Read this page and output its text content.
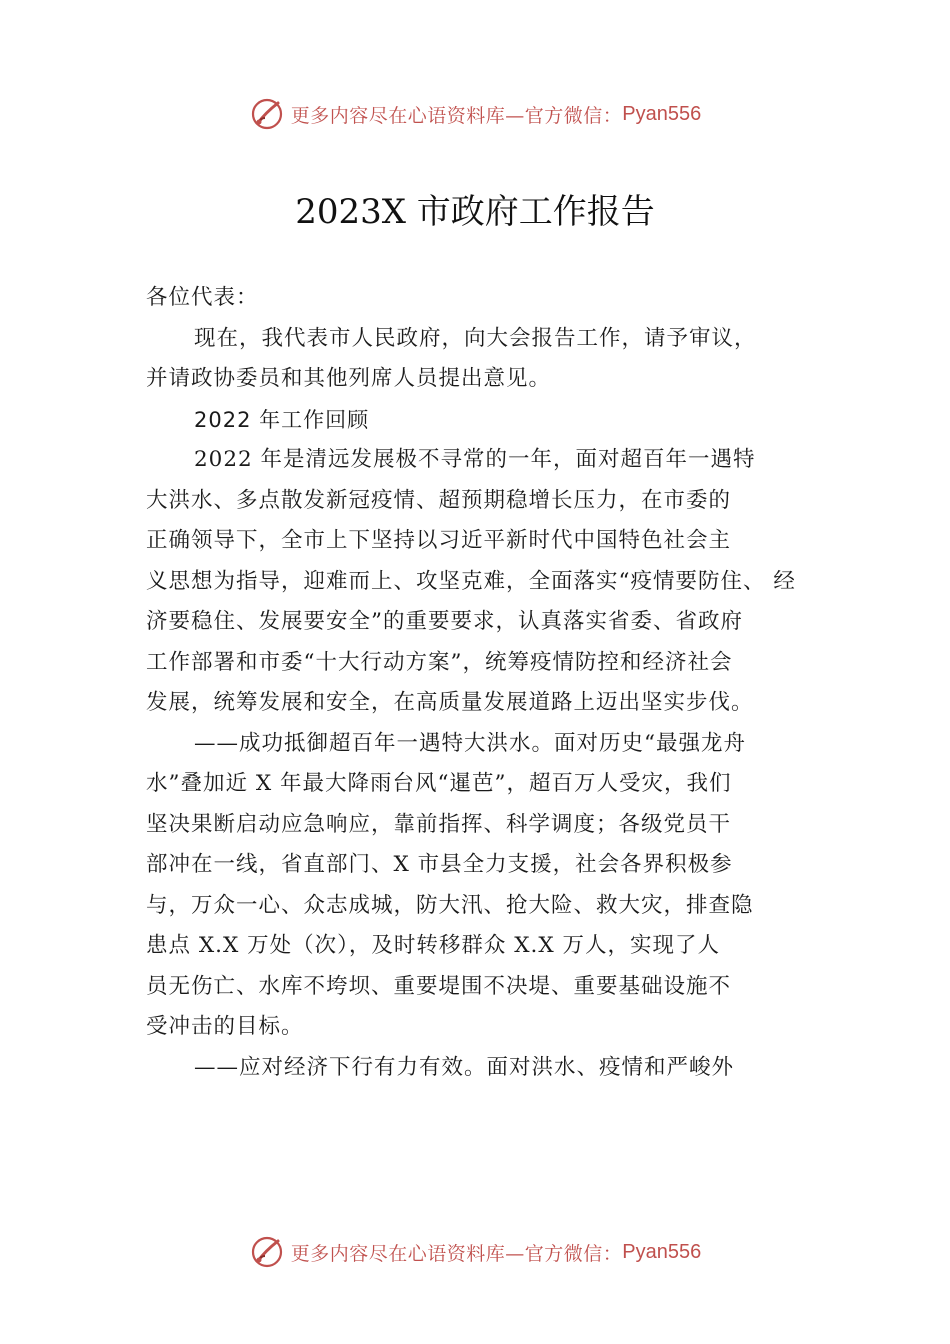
更多内容尽在心语资料库—官方微信： Pyan556
2023X 市政府工作报告
各位代表：
现在，我代表市人民政府，向大会报告工作，请予审议，
并请政协委员和其他列席人员提出意见。
2022 年工作回顾
2022 年是清远发展极不寻常的一年，面对超百年一遇特
大洪水、多点散发新冠疫情、超预期稳增长压力，在市委的
正确领导下，全市上下坚持以习近平新时代中国特色社会主
义思想为指导，迎难而上、攻坚克难，全面落实“疫情要防住、 经
济要稳住、发展要安全”的重要要求，认真落实省委、省政府
工作部署和市委“十大行动方案”，统筹疫情防控和经济社会
发展，统筹发展和安全，在高质量发展道路上迈出坚实步伐。
——成功抵御超百年一遇特大洪水。面对历史“最强龙舟
水”叠加近 X 年最大降雨台风“暹芭”，超百万人受灾，我们
坚决果断启动应急响应，靠前指挥、科学调度；各级党员干
部冲在一线，省直部门、X 市县全力支援，社会各界积极参
与，万众一心、众志成城，防大汛、抢大险、救大灾，排查隐
患点 X.X 万处（次），及时转移群众 X.X 万人，实现了人
员无伤亡、水库不垮坝、重要堤围不决堤、重要基础设施不
受冲击的目标。
——应对经济下行有力有效。面对洪水、疫情和严峻外
更多内容尽在心语资料库—官方微信： Pyan556
